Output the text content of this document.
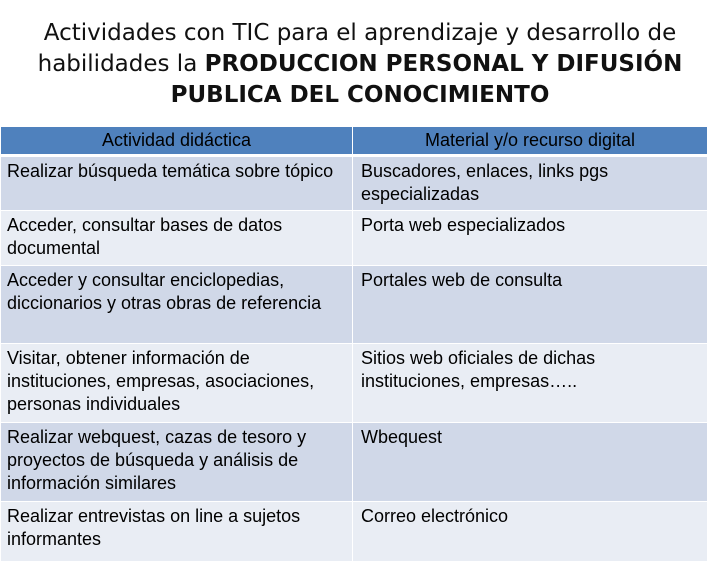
Actividades con TIC para el aprendizaje y desarrollo de
habilidades la PRODUCCION PERSONAL Y DIFUSIÓN
PUBLICA DEL CONOCIMIENTO
Actividad didáctica	Material y/o recurso digital
Realizar búsqueda temática sobre tópico	Buscadores, enlaces, links pgs especializadas
Acceder, consultar bases de datos documental	Porta web especializados
Acceder y consultar enciclopedias, diccionarios y otras obras de referencia	Portales web de consulta
Visitar, obtener información de instituciones, empresas, asociaciones, personas individuales	Sitios web oficiales de dichas instituciones, empresas…..
Realizar webquest, cazas de tesoro y proyectos de búsqueda y análisis de información similares	Wbequest
Realizar entrevistas on line a sujetos informantes	Correo electrónico
